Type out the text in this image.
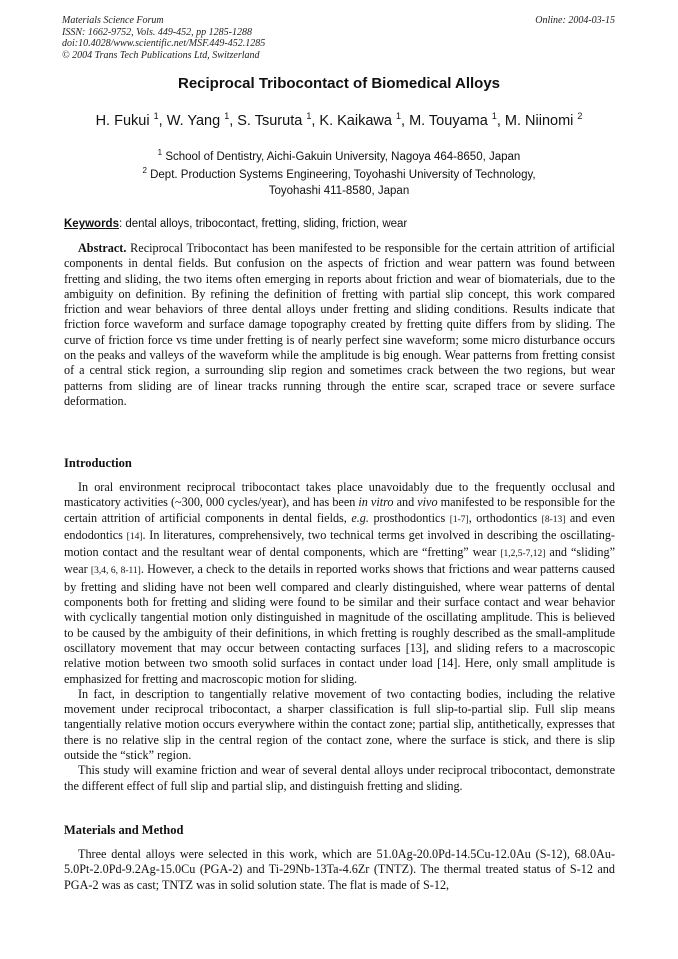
Materials Science Forum
ISSN: 1662-9752, Vols. 449-452, pp 1285-1288
doi:10.4028/www.scientific.net/MSF.449-452.1285
© 2004 Trans Tech Publications Ltd, Switzerland
Online: 2004-03-15
Reciprocal Tribocontact of Biomedical Alloys
H. Fukui $^1$, W. Yang $^1$, S. Tsuruta $^1$, K. Kaikawa $^1$, M. Touyama $^1$, M. Niinomi $^2$
$^1$ School of Dentistry, Aichi-Gakuin University, Nagoya 464-8650, Japan
$^2$ Dept. Production Systems Engineering, Toyohashi University of Technology,
Toyohashi 411-8580, Japan
Keywords: dental alloys, tribocontact, fretting, sliding, friction, wear

Abstract. Reciprocal Tribocontact has been manifested to be responsible for the certain attrition of artificial components in dental fields. But confusion on the aspects of friction and wear pattern was found between fretting and sliding, the two items often emerging in reports about friction and wear of biomaterials, due to the ambiguity on definition. By refining the definition of fretting with partial slip concept, this work compared friction and wear behaviors of three dental alloys under fretting and sliding conditions. Results indicate that friction force waveform and surface damage topography created by fretting quite differs from by sliding. The curve of friction force vs time under fretting is of nearly perfect sine waveform; some micro disturbance occurs on the peaks and valleys of the waveform while the amplitude is big enough. Wear patterns from fretting consist of a central stick region, a surrounding slip region and sometimes crack between the two regions, but wear patterns from sliding are of linear tracks running through the entire scar, scraped trace or severe surface deformation.

Introduction

In oral environment reciprocal tribocontact takes place unavoidably due to the frequently occlusal and masticatory activities (~300, 000 cycles/year), and has been in vitro and vivo manifested to be responsible for the certain attrition of artificial components in dental fields, e.g. prosthodontics [1-7], orthodontics [8-13] and even endodontics [14]. In literatures, comprehensively, two technical terms get involved in describing the oscillating-motion contact and the resultant wear of dental components, which are “fretting” wear [1,2,5-7,12] and “sliding” wear [3,4, 6, 8-11]. However, a check to the details in reported works shows that frictions and wear patterns caused by fretting and sliding have not been well compared and clearly distinguished, where wear patterns of dental components both for fretting and sliding were found to be similar and their surface contact and wear behavior with cyclically tangential motion only distinguished in magnitude of the oscillating amplitude. This is believed to be caused by the ambiguity of their definitions, in which fretting is roughly described as the small-amplitude oscillatory movement that may occur between contacting surfaces [13], and sliding refers to a macroscopic relative motion between two smooth solid surfaces in contact under load [14]. Here, only small amplitude is emphasized for fretting and macroscopic motion for sliding.

In fact, in description to tangentially relative movement of two contacting bodies, including the relative movement under reciprocal tribocontact, a sharper classification is full slip-to-partial slip. Full slip means tangentially relative motion occurs everywhere within the contact zone; partial slip, antithetically, expresses that there is no relative slip in the central region of the contact zone, where the surface is stick, and there is slip outside the “stick” region.

This study will examine friction and wear of several dental alloys under reciprocal tribocontact, demonstrate the different effect of full slip and partial slip, and distinguish fretting and sliding.

Materials and Method

Three dental alloys were selected in this work, which are 51.0Ag-20.0Pd-14.5Cu-12.0Au (S-12), 68.0Au-5.0Pt-2.0Pd-9.2Ag-15.0Cu (PGA-2) and Ti-29Nb-13Ta-4.6Zr (TNTZ). The thermal treated status of S-12 and PGA-2 was as cast; TNTZ was in solid solution state. The flat is made of S-12,
